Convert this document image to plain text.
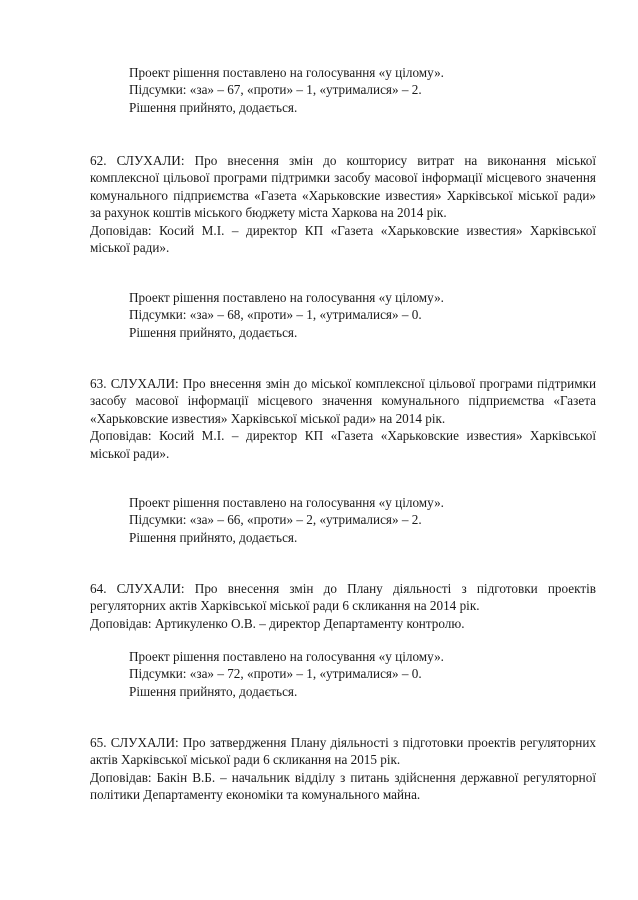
Проект рішення поставлено на голосування «у цілому».

Підсумки: «за» – 67, «проти» – 1, «утрималися» – 2.

Рішення прийнято, додається.

62. СЛУХАЛИ: Про внесення змін до кошторису витрат на виконання міської комплексної цільової програми підтримки засобу масової інформації місцевого значення комунального підприємства «Газета «Харьковские известия» Харківської міської ради» за рахунок коштів міського бюджету міста Харкова на 2014 рік.

Доповідав: Косий М.І. – директор КП «Газета «Харьковские известия» Харківської міської ради».

Проект рішення поставлено на голосування «у цілому».

Підсумки: «за» – 68, «проти» – 1, «утрималися» – 0.

Рішення прийнято, додається.

63. СЛУХАЛИ: Про внесення змін до міської комплексної цільової програми підтримки засобу масової інформації місцевого значення комунального підприємства «Газета «Харьковские известия» Харківської міської ради» на 2014 рік.

Доповідав: Косий М.І. – директор КП «Газета «Харьковские известия» Харківської міської ради».

Проект рішення поставлено на голосування «у цілому».

Підсумки: «за» – 66, «проти» – 2, «утрималися» – 2.

Рішення прийнято, додається.

64. СЛУХАЛИ: Про внесення змін до Плану діяльності з підготовки проектів регуляторних актів Харківської міської ради 6 скликання на 2014 рік.

Доповідав: Артикуленко О.В. – директор Департаменту контролю.

Проект рішення поставлено на голосування «у цілому».

Підсумки: «за» – 72, «проти» – 1, «утрималися» – 0.

Рішення прийнято, додається.

65. СЛУХАЛИ: Про затвердження Плану діяльності з підготовки проектів регуляторних актів Харківської міської ради 6 скликання на 2015 рік.

Доповідав: Бакін В.Б. – начальник відділу з питань здійснення державної регуляторної політики Департаменту економіки та комунального майна.
